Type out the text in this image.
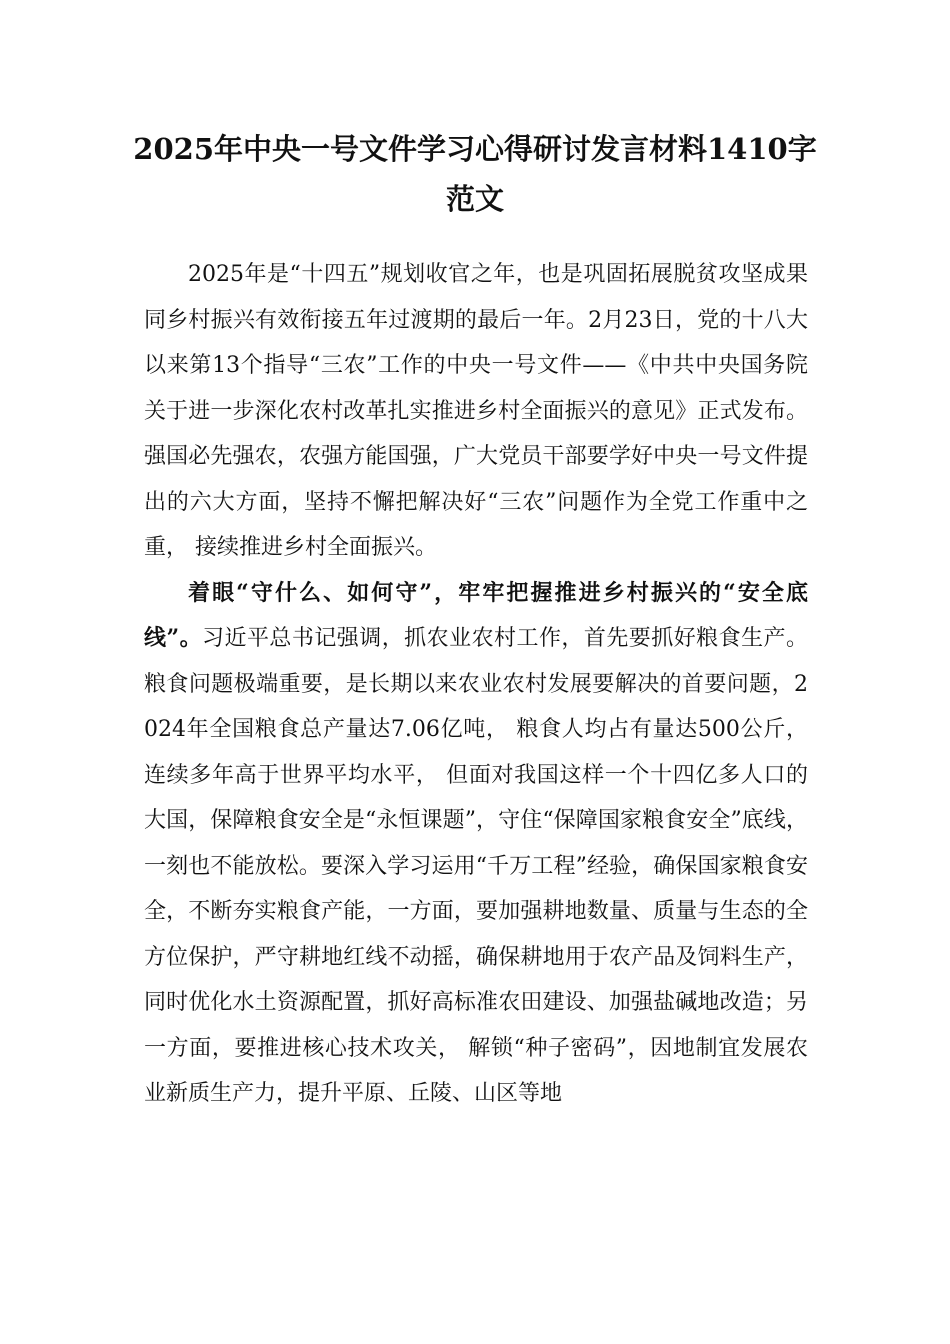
2025年中央一号文件学习心得研讨发言材料1410字范文

2025年是“十四五”规划收官之年，也是巩固拓展脱贫攻坚成果同乡村振兴有效衔接五年过渡期的最后一年。2月23日，党的十八大以来第13个指导“三农”工作的中央一号文件——《中共中央国务院关于进一步深化农村改革扎实推进乡村全面振兴的意见》正式发布。强国必先强农，农强方能国强，广大党员干部要学好中央一号文件提出的六大方面，坚持不懈把解决好“三农”问题作为全党工作重中之重， 接续推进乡村全面振兴。

着眼“守什么、如何守”，牢牢把握推进乡村振兴的“安全底线”。习近平总书记强调，抓农业农村工作，首先要抓好粮食生产。粮食问题极端重要，是长期以来农业农村发展要解决的首要问题，2024年全国粮食总产量达7.06亿吨， 粮食人均占有量达500公斤，连续多年高于世界平均水平， 但面对我国这样一个十四亿多人口的大国，保障粮食安全是“永恒课题”，守住“保障国家粮食安全”底线，一刻也不能放松。要深入学习运用“千万工程”经验，确保国家粮食安全，不断夯实粮食产能，一方面，要加强耕地数量、质量与生态的全方位保护，严守耕地红线不动摇，确保耕地用于农产品及饲料生产，同时优化水土资源配置，抓好高标准农田建设、加强盐碱地改造；另一方面，要推进核心技术攻关， 解锁“种子密码”，因地制宜发展农业新质生产力，提升平原、丘陵、山区等地
